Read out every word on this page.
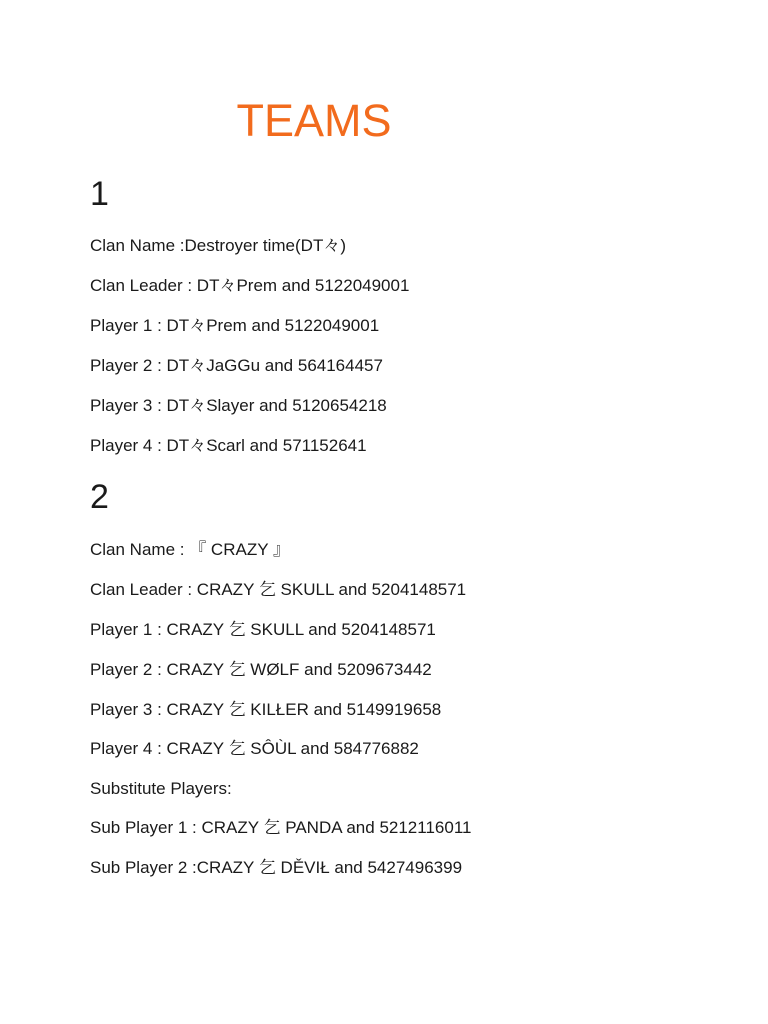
TEAMS
1
Clan Name :Destroyer time(DT々)
Clan Leader : DT々Prem and 5122049001
Player 1 : DT々Prem and 5122049001
Player 2 : DT々JaGGu and 564164457
Player 3 : DT々Slayer and 5120654218
Player 4 : DT々Scarl and 571152641
2
Clan Name : 『 CRAZY 』
Clan Leader : CRAZY 乞 SKULL and 5204148571
Player 1 : CRAZY 乞 SKULL and 5204148571
Player 2 : CRAZY 乞 WØLF and 5209673442
Player 3 : CRAZY 乞 KILŁER and 5149919658
Player 4 : CRAZY 乞 SÔÙL and 584776882
Substitute Players:
Sub Player 1 : CRAZY 乞 PANDA and 5212116011
Sub Player 2 :CRAZY 乞 DĚVIŁ and 5427496399
